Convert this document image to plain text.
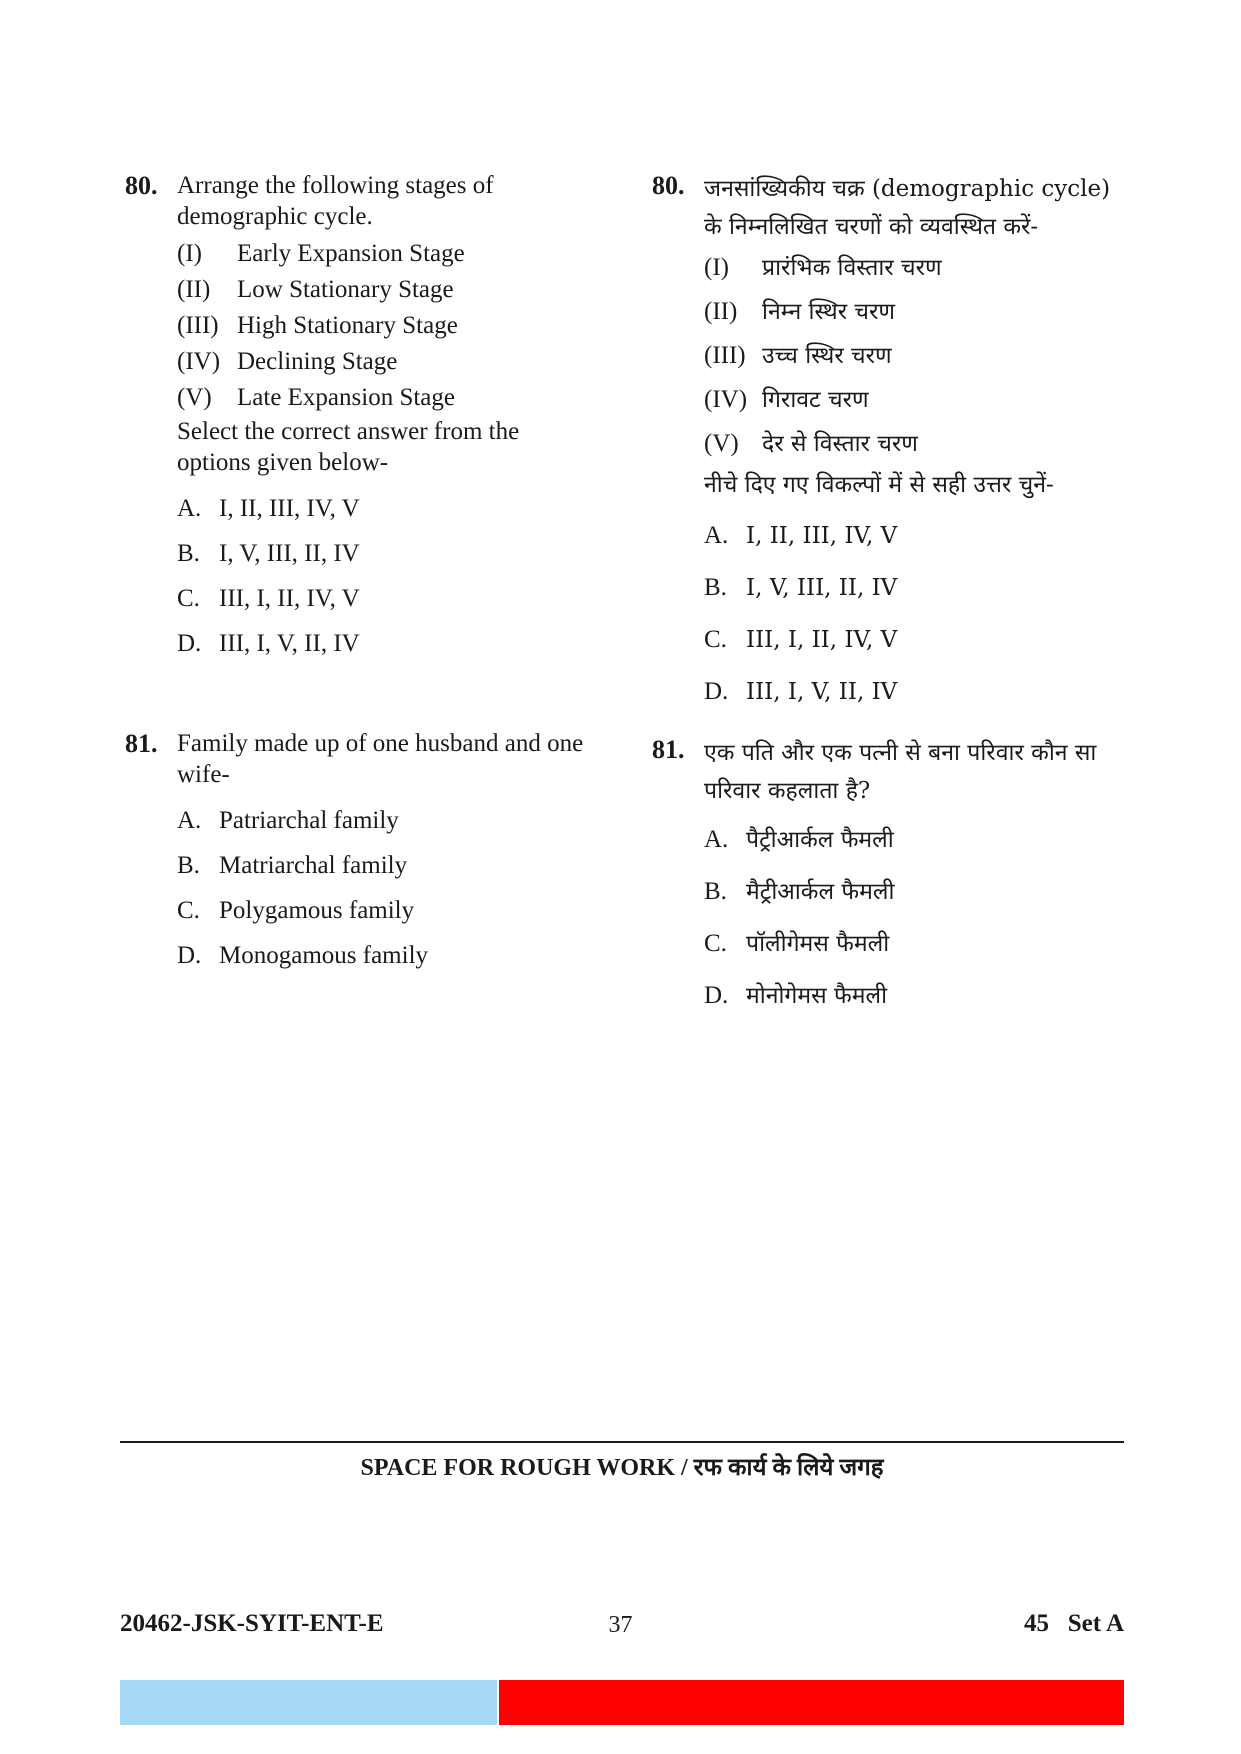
80. Arrange the following stages of demographic cycle.
(I)	Early Expansion Stage
(II)	Low Stationary Stage
(III) High Stationary Stage
(IV) Declining Stage
(V)	Late Expansion Stage
Select the correct answer from the options given below-
A. I, II, III, IV, V
B. I, V, III, II, IV
C. III, I, II, IV, V
D. III, I, V, II, IV
81. Family made up of one husband and one wife-
A. Patriarchal family
B. Matriarchal family
C. Polygamous family
D. Monogamous family
80. जनसांख्यिकीय चक्र (demographic cycle) के निम्नलिखित चरणों को व्यवस्थित करें-
(I)	प्रारंभिक विस्तार चरण
(II)	निम्न स्थिर चरण
(III) उच्च स्थिर चरण
(IV) गिरावट चरण
(V)	देर से विस्तार चरण
नीचे दिए गए विकल्पों में से सही उत्तर चुनें-
A. I, II, III, IV, V
B. I, V, III, II, IV
C. III, I, II, IV, V
D. III, I, V, II, IV
81. एक पति और एक पत्नी से बना परिवार कौन सा परिवार कहलाता है?
A. पैट्रीआर्कल फैमली
B. मैट्रीआर्कल फैमली
C. पॉलीगेमस फैमली
D. मोनोगेमस फैमली
SPACE FOR ROUGH WORK / रफ कार्य के लिये जगह
20462-JSK-SYIT-ENT-E	37	45   Set A
